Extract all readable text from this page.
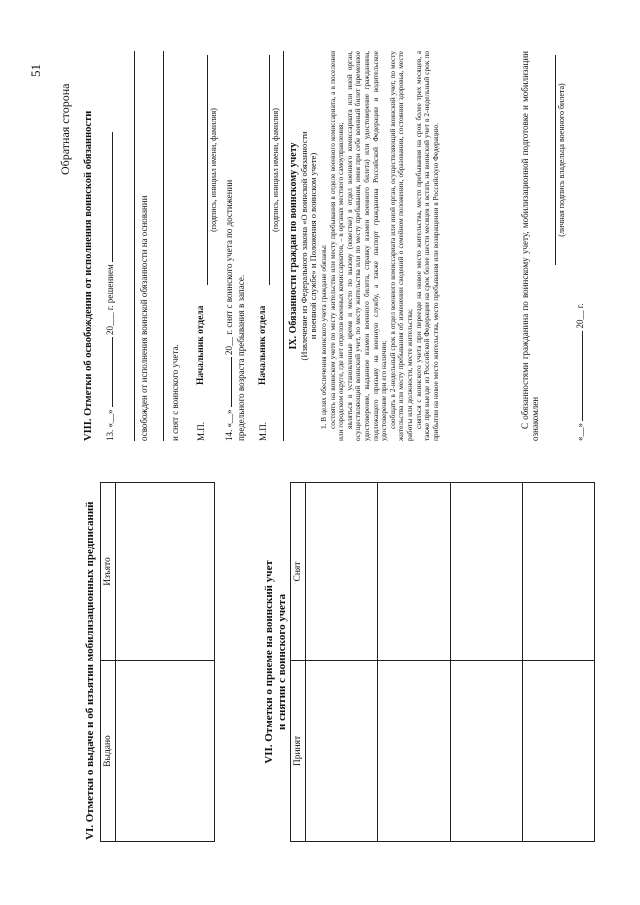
VI. Отметки о выдаче и об изъятии мобилизационных предписаний Выдано	Изъято
		VII. Отметки о приеме на воинский учет и снятии с воинского учета
Принят	Снят

51
Обратная сторона VIII. Отметки об освобождении от исполнения воинской обязанности 13. «__»  20___ г. решением	освобожден от исполнения воинской обязанности на основании и снят с воинского учета. М.П.
Начальник отдела
(подпись, инициал имени, фамилия)
14. «__»  20__ г. снят с воинского учета по достижении
предельного возраста пребывания в запасе. М.П.
Начальник отдела
(подпись, инициал имени, фамилия) IX. Обязанности граждан по воинскому учету (Извлечение из Федерального закона «О воинской обязанности и военной службе» и Положения о воинском учете) 1. В целях обеспечения воинского учета граждане обязаны: состоять на воинском учете по месту жительства или месту пребывания в отделе военного комиссариата, а в поселении или городском округе, где нет отделов военных комиссариатов, – в органах местного самоуправления; являться в установленные время и место по вызову (повестке) в отдел военного комиссариата или иной орган, осуществляющий воинский учет, по месту жительства или по месту пребывания, имея при себе военный билет (временное удостоверение, выданное взамен военного билета, справку взамен военного билета) или удостоверение гражданина, подлежащего призыву на военную службу, а также паспорт гражданина Российской Федерации и водительское удостоверение при его наличии; сообщать в 2-недельный срок в отдел военного комиссариата или иной орган, осуществляющий воинский учет, по месту жительства или месту пребывания об изменении сведений о семейном положении, образовании, состоянии здоровья, месте работы или должности, месте жительства; сняться с воинского учета при переезде на новое место жительства, место пребывания на срок более трех месяцев, а также при выезде из Российской Федерации на срок более шести месяцев и встать на воинский учет в 2-недельный срок по прибытии на новое место жительства, место пребывания или возвращении в Российскую Федерацию.	С обязанностями гражданина по воинскому учету, мобилизационной подготовке и мобилизации ознакомлен
(личная подпись владельца военного билета)
«__»  20__ г.
